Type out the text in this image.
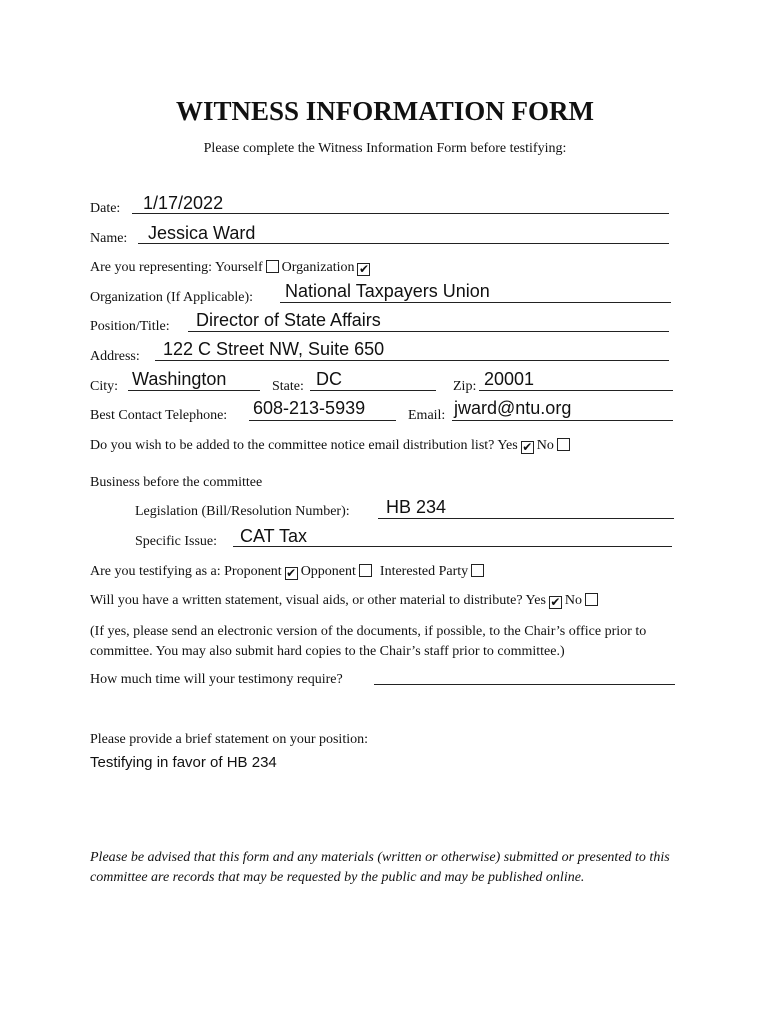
WITNESS INFORMATION FORM
Please complete the Witness Information Form before testifying:
Date: 1/17/2022
Name: Jessica Ward
Are you representing: Yourself Organization ✔
Organization (If Applicable): National Taxpayers Union
Position/Title: Director of State Affairs
Address: 122 C Street NW, Suite 650
City: Washington	State: DC	Zip: 20001
Best Contact Telephone: 608-213-5939	Email: jward@ntu.org
Do you wish to be added to the committee notice email distribution list? Yes ✔ No
Business before the committee
Legislation (Bill/Resolution Number): HB 234
Specific Issue: CAT Tax
Are you testifying as a: Proponent ✔ Opponent Interested Party
Will you have a written statement, visual aids, or other material to distribute? Yes ✔ No
(If yes, please send an electronic version of the documents, if possible, to the Chair’s office prior to committee. You may also submit hard copies to the Chair’s staff prior to committee.)
How much time will your testimony require?
Please provide a brief statement on your position:
Testifying in favor of HB 234
Please be advised that this form and any materials (written or otherwise) submitted or presented to this committee are records that may be requested by the public and may be published online.
